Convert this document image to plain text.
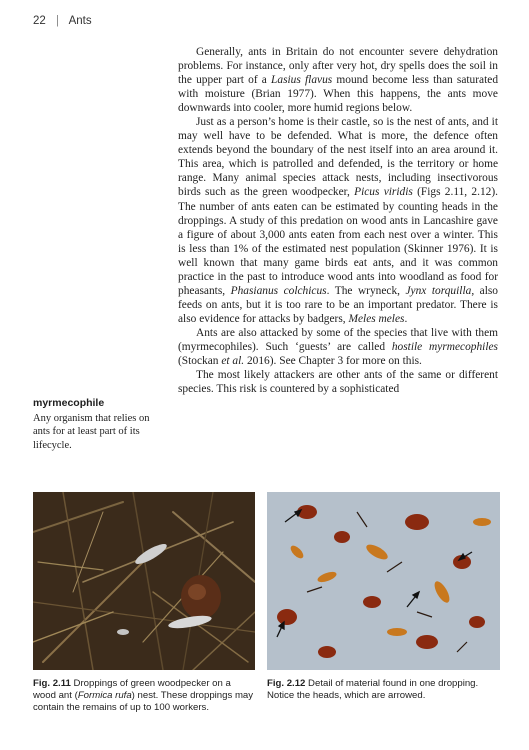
22 | Ants

Generally, ants in Britain do not encounter severe dehydration problems. For instance, only after very hot, dry spells does the soil in the upper part of a Lasius flavus mound become less than saturated with moisture (Brian 1977). When this happens, the ants move downwards into cooler, more humid regions below.

Just as a person’s home is their castle, so is the nest of ants, and it may well have to be defended. What is more, the defence often extends beyond the boundary of the nest itself into an area around it. This area, which is patrolled and defended, is the territory or home range. Many animal species attack nests, including insectivorous birds such as the green woodpecker, Picus viridis (Figs 2.11, 2.12). The number of ants eaten can be estimated by counting heads in the droppings. A study of this predation on wood ants in Lancashire gave a figure of about 3,000 ants eaten from each nest over a winter. This is less than 1% of the estimated nest population (Skinner 1976). It is well known that many game birds eat ants, and it was common practice in the past to introduce wood ants into woodland as food for pheasants, Phasianus colchicus. The wryneck, Jynx torquilla, also feeds on ants, but it is too rare to be an important predator. There is also evidence for attacks by badgers, Meles meles.

Ants are also attacked by some of the species that live with them (myrmecophiles). Such ‘guests’ are called hostile myrmecophiles (Stockan et al. 2016). See Chapter 3 for more on this.

The most likely attackers are other ants of the same or different species. This risk is countered by a sophisticated

myrmecophile
Any organism that relies on ants for at least part of its lifecycle.
Fig. 2.11 Droppings of green woodpecker on a wood ant (Formica rufa) nest. These droppings may contain the remains of up to 100 workers.
Fig. 2.12 Detail of material found in one dropping. Notice the heads, which are arrowed.
